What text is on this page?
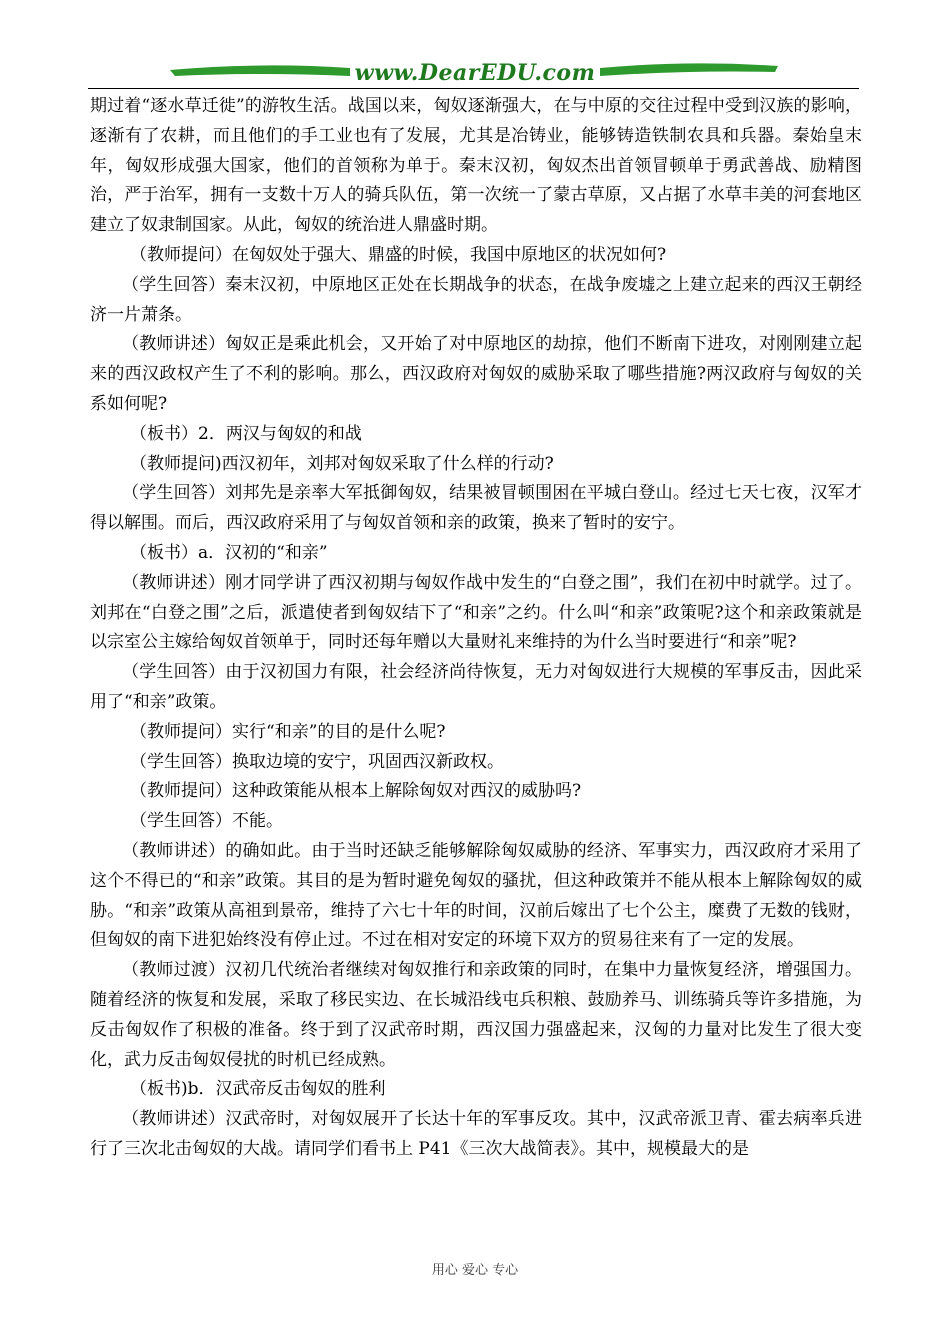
www.DearEDU.com

期过着“逐水草迁徙”的游牧生活。战国以来，匈奴逐渐强大，在与中原的交往过程中受到汉族的影响，逐渐有了农耕，而且他们的手工业也有了发展，尤其是冶铸业，能够铸造铁制农具和兵器。秦始皇末年，匈奴形成强大国家，他们的首领称为单于。秦末汉初，匈奴杰出首领冒顿单于勇武善战、励精图治，严于治军，拥有一支数十万人的骑兵队伍，第一次统一了蒙古草原，又占据了水草丰美的河套地区建立了奴隶制国家。从此，匈奴的统治进人鼎盛时期。

（教师提问）在匈奴处于强大、鼎盛的时候，我国中原地区的状况如何?

（学生回答）秦末汉初，中原地区正处在长期战争的状态，在战争废墟之上建立起来的西汉王朝经济一片萧条。

（教师讲述）匈奴正是乘此机会，又开始了对中原地区的劫掠，他们不断南下进攻，对刚刚建立起来的西汉政权产生了不利的影响。那么，西汉政府对匈奴的威胁采取了哪些措施?两汉政府与匈奴的关系如何呢?

（板书）2．两汉与匈奴的和战

（教师提问)西汉初年，刘邦对匈奴采取了什么样的行动?

（学生回答）刘邦先是亲率大军抵御匈奴，结果被冒顿围困在平城白登山。经过七天七夜，汉军才得以解围。而后，西汉政府采用了与匈奴首领和亲的政策，换来了暂时的安宁。

（板书）a．汉初的“和亲”

（教师讲述）刚才同学讲了西汉初期与匈奴作战中发生的“白登之围”，我们在初中时就学。过了。刘邦在“白登之围”之后，派遣使者到匈奴结下了“和亲”之约。什么叫“和亲”政策呢?这个和亲政策就是以宗室公主嫁给匈奴首领单于，同时还每年赠以大量财礼来维持的为什么当时要进行“和亲”呢?

（学生回答）由于汉初国力有限，社会经济尚待恢复，无力对匈奴进行大规模的军事反击，因此采用了“和亲”政策。

（教师提问）实行“和亲”的目的是什么呢?

（学生回答）换取边境的安宁，巩固西汉新政权。

（教师提问）这种政策能从根本上解除匈奴对西汉的威胁吗?

（学生回答）不能。

（教师讲述）的确如此。由于当时还缺乏能够解除匈奴威胁的经济、军事实力，西汉政府才采用了这个不得已的“和亲”政策。其目的是为暂时避免匈奴的骚扰，但这种政策并不能从根本上解除匈奴的威胁。“和亲”政策从高祖到景帝，维持了六七十年的时间，汉前后嫁出了七个公主，糜费了无数的钱财，但匈奴的南下进犯始终没有停止过。不过在相对安定的环境下双方的贸易往来有了一定的发展。

（教师过渡）汉初几代统治者继续对匈奴推行和亲政策的同时，在集中力量恢复经济，增强国力。随着经济的恢复和发展，采取了移民实边、在长城沿线屯兵积粮、鼓励养马、训练骑兵等许多措施，为反击匈奴作了积极的准备。终于到了汉武帝时期，西汉国力强盛起来，汉匈的力量对比发生了很大变化，武力反击匈奴侵扰的时机已经成熟。

（板书)b．汉武帝反击匈奴的胜利

（教师讲述）汉武帝时，对匈奴展开了长达十年的军事反攻。其中，汉武帝派卫青、霍去病率兵进行了三次北击匈奴的大战。请同学们看书上 P41《三次大战简表》。其中，规模最大的是

用心 爱心 专心
